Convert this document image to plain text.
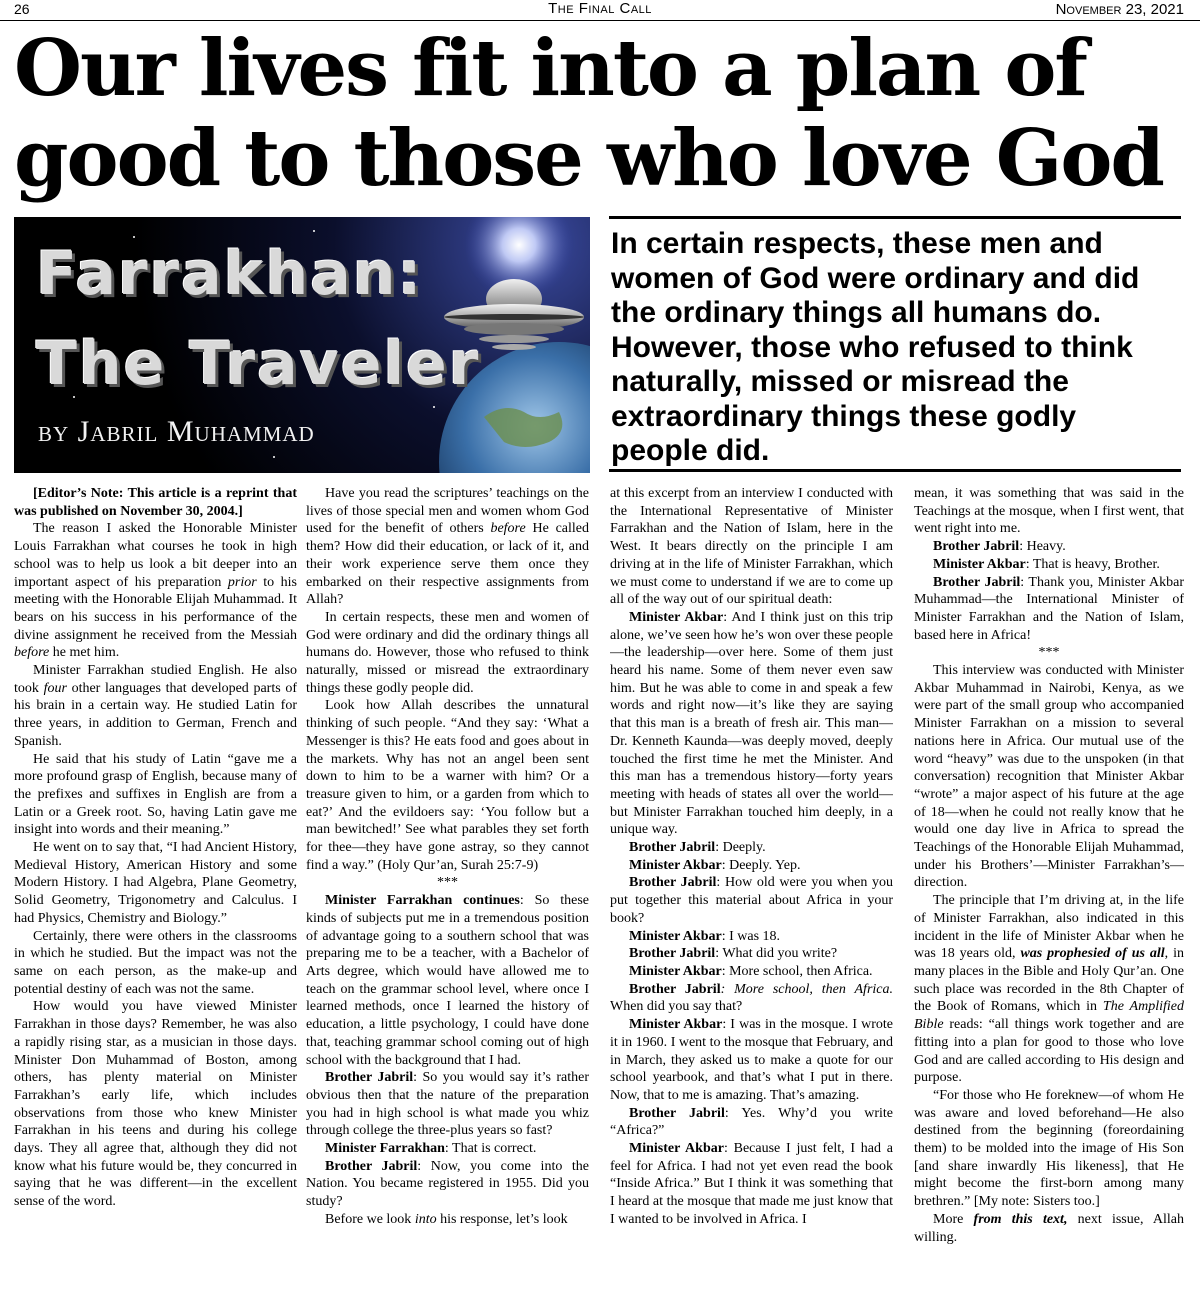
26	The Final Call	November 23, 2021
Our lives fit into a plan of
good to those who love God
Farrakhan:
The Traveler
by Jabril Muhammad

In certain respects, these men and women of God were ordinary and did the ordinary things all humans do. However, those who refused to think naturally, missed or misread the extraordinary things these godly people did.

[Editor’s Note: This article is a reprint that was published on November 30, 2004.]

The reason I asked the Honorable Minister Louis Farrakhan what courses he took in high school was to help us look a bit deeper into an important aspect of his preparation prior to his meeting with the Honorable Elijah Muhammad. It bears on his success in his performance of the divine assignment he received from the Messiah before he met him.

Minister Farrakhan studied English. He also took four other languages that developed parts of his brain in a certain way. He studied Latin for three years, in addition to German, French and Spanish.

He said that his study of Latin “gave me a more profound grasp of English, because many of the prefixes and suffixes in English are from a Latin or a Greek root. So, having Latin gave me insight into words and their meaning.”

He went on to say that, “I had Ancient History, Medieval History, American History and some Modern History. I had Algebra, Plane Geometry, Solid Geometry, Trigonometry and Calculus. I had Physics, Chemistry and Biology.”

Certainly, there were others in the classrooms in which he studied. But the impact was not the same on each person, as the make-up and potential destiny of each was not the same.

How would you have viewed Minister Farrakhan in those days? Remember, he was also a rapidly rising star, as a musician in those days. Minister Don Muhammad of Boston, among others, has plenty material on Minister Farrakhan’s early life, which includes observations from those who knew Minister Farrakhan in his teens and during his college days. They all agree that, although they did not know what his future would be, they concurred in saying that he was different—in the excellent sense of the word.

Have you read the scriptures’ teachings on the lives of those special men and women whom God used for the benefit of others before He called them? How did their education, or lack of it, and their work experience serve them once they embarked on their respective assignments from Allah?

In certain respects, these men and women of God were ordinary and did the ordinary things all humans do. However, those who refused to think naturally, missed or misread the extraordinary things these godly people did.

Look how Allah describes the unnatural thinking of such people. “And they say: ‘What a Messenger is this? He eats food and goes about in the markets. Why has not an angel been sent down to him to be a warner with him? Or a treasure given to him, or a garden from which to eat?’ And the evildoers say: ‘You follow but a man bewitched!’ See what parables they set forth for thee—they have gone astray, so they cannot find a way.” (Holy Qur’an, Surah 25:7-9)

***

Minister Farrakhan continues: So these kinds of subjects put me in a tremendous position of advantage going to a southern school that was preparing me to be a teacher, with a Bachelor of Arts degree, which would have allowed me to teach on the grammar school level, where once I learned methods, once I learned the history of education, a little psychology, I could have done that, teaching grammar school coming out of high school with the background that I had.

Brother Jabril: So you would say it’s rather obvious then that the nature of the preparation you had in high school is what made you whiz through college the three-plus years so fast?

Minister Farrakhan: That is correct.

Brother Jabril: Now, you come into the Nation. You became registered in 1955. Did you study?

Before we look into his response, let’s look

at this excerpt from an interview I conducted with the International Representative of Minister Farrakhan and the Nation of Islam, here in the West. It bears directly on the principle I am driving at in the life of Minister Farrakhan, which we must come to understand if we are to come up all of the way out of our spiritual death:

Minister Akbar: And I think just on this trip alone, we’ve seen how he’s won over these people—the leadership—over here. Some of them just heard his name. Some of them never even saw him. But he was able to come in and speak a few words and right now—it’s like they are saying that this man is a breath of fresh air. This man—Dr. Kenneth Kaunda—was deeply moved, deeply touched the first time he met the Minister. And this man has a tremendous history—forty years meeting with heads of states all over the world—but Minister Farrakhan touched him deeply, in a unique way.

Brother Jabril: Deeply.

Minister Akbar: Deeply. Yep.

Brother Jabril: How old were you when you put together this material about Africa in your book?

Minister Akbar: I was 18.

Brother Jabril: What did you write?

Minister Akbar: More school, then Africa.

Brother Jabril: More school, then Africa. When did you say that?

Minister Akbar: I was in the mosque. I wrote it in 1960. I went to the mosque that February, and in March, they asked us to make a quote for our school yearbook, and that’s what I put in there. Now, that to me is amazing. That’s amazing.

Brother Jabril: Yes. Why’d you write “Africa?”

Minister Akbar: Because I just felt, I had a feel for Africa. I had not yet even read the book “Inside Africa.” But I think it was something that I heard at the mosque that made me just know that I wanted to be involved in Africa. I

mean, it was something that was said in the Teachings at the mosque, when I first went, that went right into me.

Brother Jabril: Heavy.

Minister Akbar: That is heavy, Brother.

Brother Jabril: Thank you, Minister Akbar Muhammad—the International Minister of Minister Farrakhan and the Nation of Islam, based here in Africa!

***

This interview was conducted with Minister Akbar Muhammad in Nairobi, Kenya, as we were part of the small group who accompanied Minister Farrakhan on a mission to several nations here in Africa. Our mutual use of the word “heavy” was due to the unspoken (in that conversation) recognition that Minister Akbar “wrote” a major aspect of his future at the age of 18—when he could not really know that he would one day live in Africa to spread the Teachings of the Honorable Elijah Muhammad, under his Brothers’—Minister Farrakhan’s—direction.

The principle that I’m driving at, in the life of Minister Farrakhan, also indicated in this incident in the life of Minister Akbar when he was 18 years old, was prophesied of us all, in many places in the Bible and Holy Qur’an. One such place was recorded in the 8th Chapter of the Book of Romans, which in The Amplified Bible reads: “all things work together and are fitting into a plan for good to those who love God and are called according to His design and purpose.

“For those who He foreknew—of whom He was aware and loved beforehand—He also destined from the beginning (foreordaining them) to be molded into the image of His Son [and share inwardly His likeness], that He might become the first-born among many brethren.” [My note: Sisters too.]

More from this text, next issue, Allah willing.
